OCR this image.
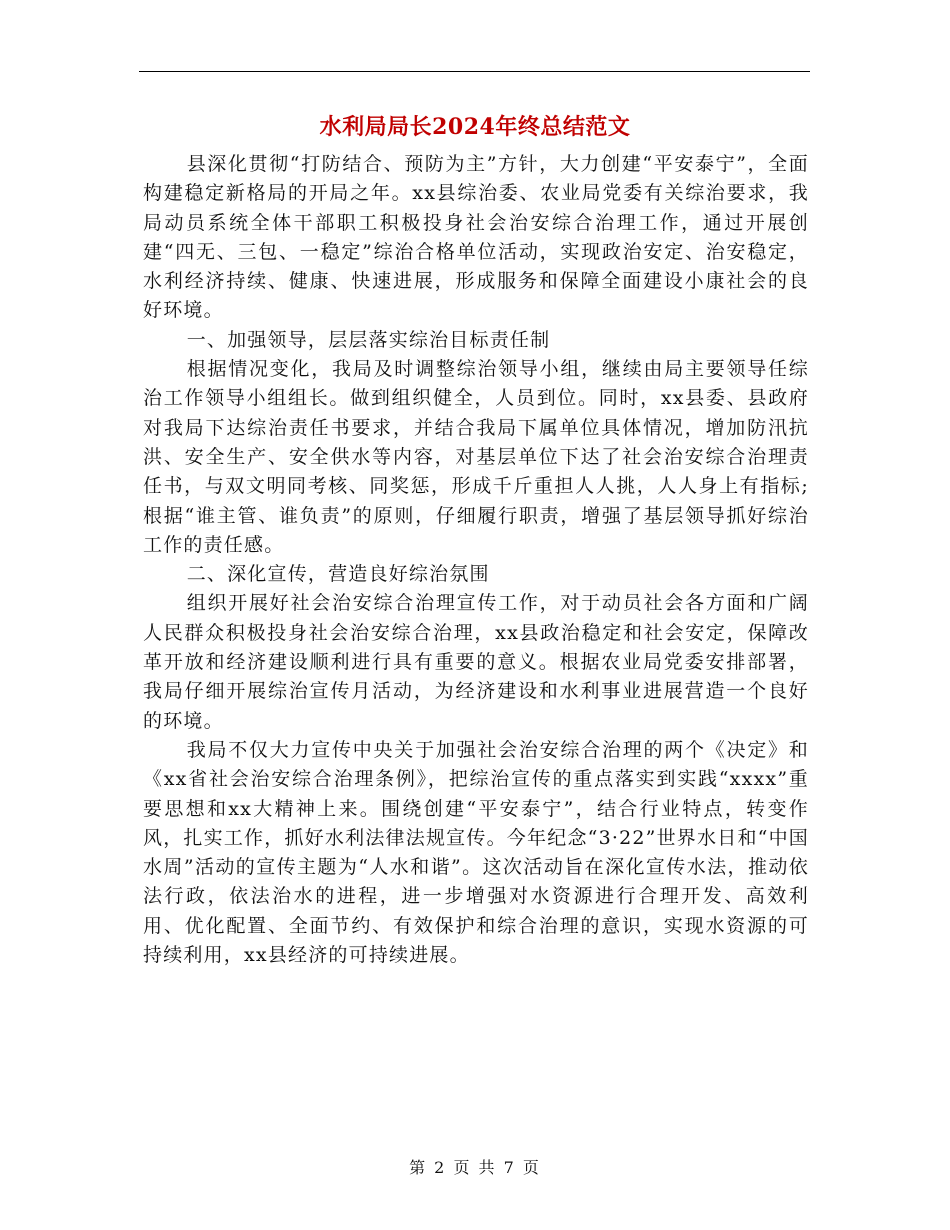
水利局局长2024年终总结范文

县深化贯彻“打防结合、预防为主”方针，大力创建“平安泰宁”，全面构建稳定新格局的开局之年。xx县综治委、农业局党委有关综治要求，我局动员系统全体干部职工积极投身社会治安综合治理工作，通过开展创建“四无、三包、一稳定”综治合格单位活动，实现政治安定、治安稳定，水利经济持续、健康、快速进展，形成服务和保障全面建设小康社会的良好环境。

一、加强领导，层层落实综治目标责任制

根据情况变化，我局及时调整综治领导小组，继续由局主要领导任综治工作领导小组组长。做到组织健全，人员到位。同时，xx县委、县政府对我局下达综治责任书要求，并结合我局下属单位具体情况，增加防汛抗洪、安全生产、安全供水等内容，对基层单位下达了社会治安综合治理责任书，与双文明同考核、同奖惩，形成千斤重担人人挑，人人身上有指标;根据“谁主管、谁负责”的原则，仔细履行职责，增强了基层领导抓好综治工作的责任感。

二、深化宣传，营造良好综治氛围

组织开展好社会治安综合治理宣传工作，对于动员社会各方面和广阔人民群众积极投身社会治安综合治理，xx县政治稳定和社会安定，保障改革开放和经济建设顺利进行具有重要的意义。根据农业局党委安排部署，我局仔细开展综治宣传月活动，为经济建设和水利事业进展营造一个良好的环境。

我局不仅大力宣传中央关于加强社会治安综合治理的两个《决定》和《xx省社会治安综合治理条例》，把综治宣传的重点落实到实践“xxxx”重要思想和xx大精神上来。围绕创建“平安泰宁”，结合行业特点，转变作风，扎实工作，抓好水利法律法规宣传。今年纪念“3·22”世界水日和“中国水周”活动的宣传主题为“人水和谐”。这次活动旨在深化宣传水法，推动依法行政，依法治水的进程，进一步增强对水资源进行合理开发、高效利用、优化配置、全面节约、有效保护和综合治理的意识，实现水资源的可持续利用，xx县经济的可持续进展。

第 2 页 共 7 页
